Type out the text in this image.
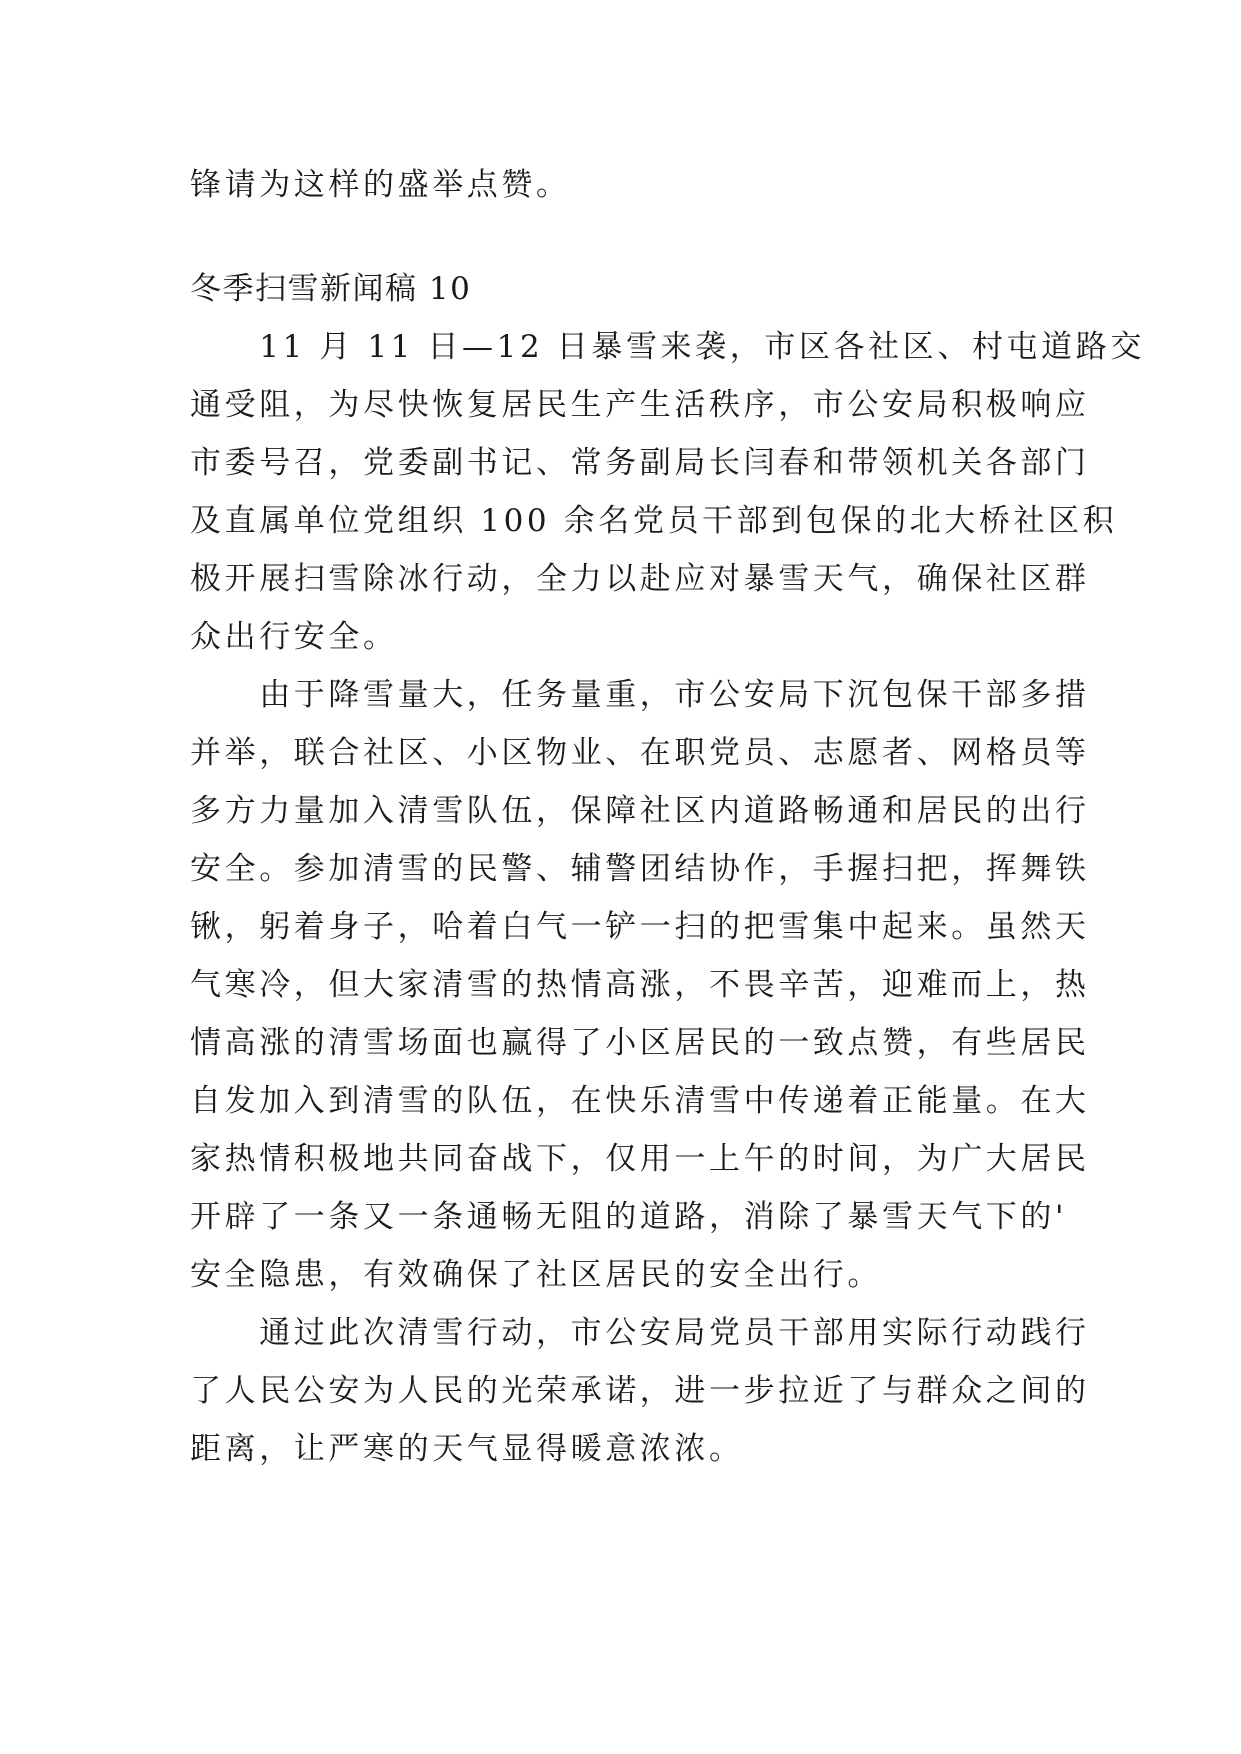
锋请为这样的盛举点赞。
冬季扫雪新闻稿 10
　　11 月 11 日—12 日暴雪来袭，市区各社区、村屯道路交
通受阻，为尽快恢复居民生产生活秩序，市公安局积极响应
市委号召，党委副书记、常务副局长闫春和带领机关各部门
及直属单位党组织 100 余名党员干部到包保的北大桥社区积
极开展扫雪除冰行动，全力以赴应对暴雪天气，确保社区群
众出行安全。
　　由于降雪量大，任务量重，市公安局下沉包保干部多措
并举，联合社区、小区物业、在职党员、志愿者、网格员等
多方力量加入清雪队伍，保障社区内道路畅通和居民的出行
安全。参加清雪的民警、辅警团结协作，手握扫把，挥舞铁
锹，躬着身子，哈着白气一铲一扫的把雪集中起来。虽然天
气寒冷，但大家清雪的热情高涨，不畏辛苦，迎难而上，热
情高涨的清雪场面也赢得了小区居民的一致点赞，有些居民
自发加入到清雪的队伍，在快乐清雪中传递着正能量。在大
家热情积极地共同奋战下，仅用一上午的时间，为广大居民
开辟了一条又一条通畅无阻的道路，消除了暴雪天气下的'
安全隐患，有效确保了社区居民的安全出行。
　　通过此次清雪行动，市公安局党员干部用实际行动践行
了人民公安为人民的光荣承诺，进一步拉近了与群众之间的
距离，让严寒的天气显得暖意浓浓。
